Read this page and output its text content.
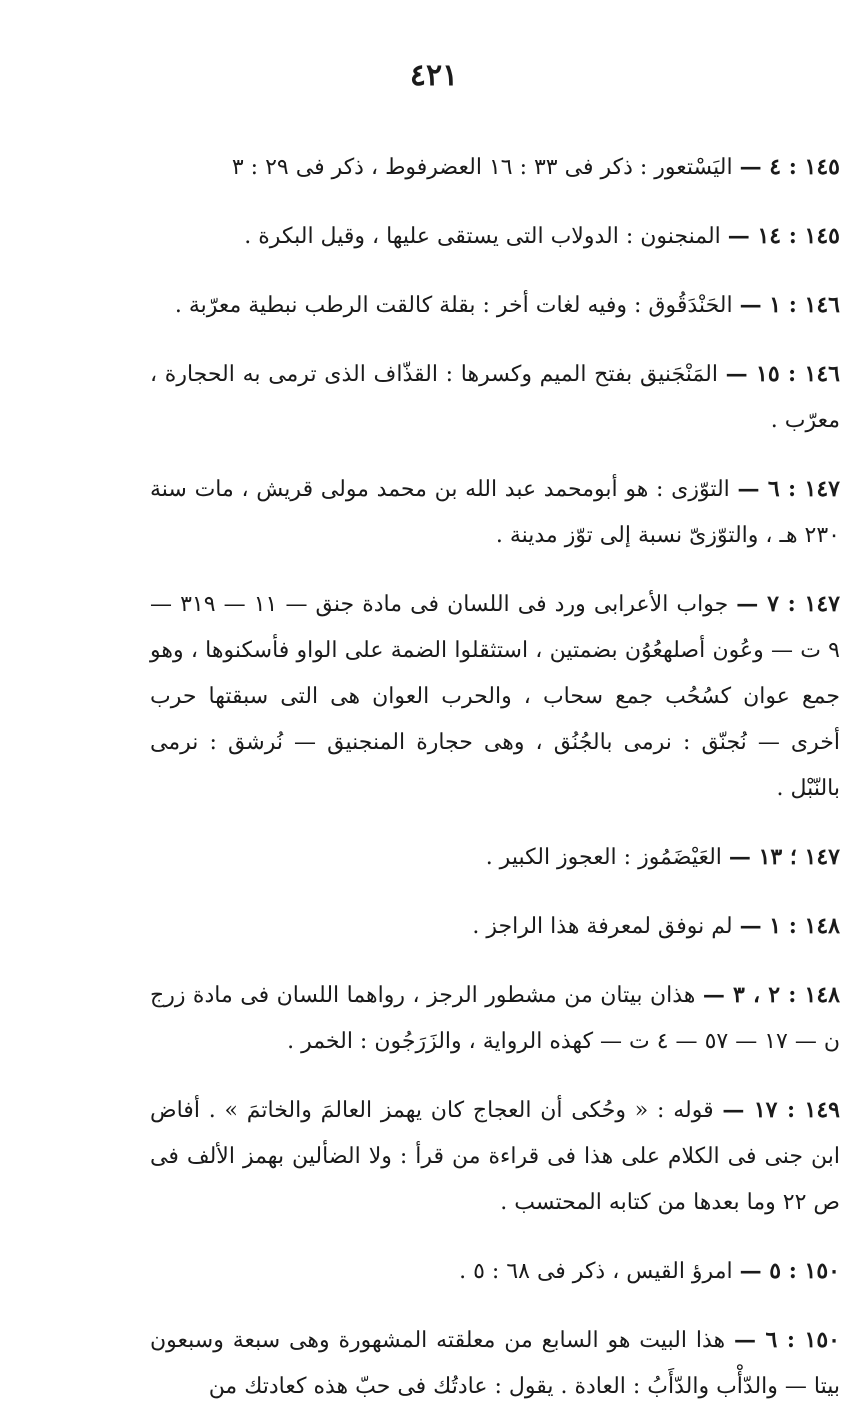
٤٢١

١٤٥ : ٤ — اليَسْتعور : ذكر فى ٣٣ : ١٦ العضرفوط ، ذكر فى ٢٩ : ٣

١٤٥ : ١٤ — المنجنون : الدولاب التى يستقى عليها ، وقيل البكرة .

١٤٦ : ١ — الحَنْدَقُوق : وفيه لغات أخر : بقلة كالقت الرطب نبطية معرّبة .

١٤٦ : ١٥ — المَنْجَنيق بفتح الميم وكسرها : القذّاف الذى ترمى به الحجارة ، معرّب .

١٤٧ : ٦ — التوّزى : هو أبومحمد عبد الله بن محمد مولى قريش ، مات سنة ٢٣٠ هـ ، والتوّزىّ نسبة إلى توّز مدينة .

١٤٧ : ٧ — جواب الأعرابى ورد فى اللسان فى مادة جنق — ١١ — ٣١٩ — ٩ ت — وعُون أصلهعُوُن بضمتين ، استثقلوا الضمة على الواو فأسكنوها ، وهو جمع عوان كسُحُب جمع سحاب ، والحرب العوان هى التى سبقتها حرب أخرى — نُجنّق : نرمى بالجُنُق ، وهى حجارة المنجنيق — نُرشق : نرمى بالنّبْل .

١٤٧ ؛ ١٣ — العَيْضَمُوز : العجوز الكبير .

١٤٨ : ١ — لم نوفق لمعرفة هذا الراجز .

١٤٨ : ٢ ، ٣ — هذان بيتان من مشطور الرجز ، رواهما اللسان فى مادة زرج ن — ١٧ — ٥٧ — ٤ ت — كهذه الرواية ، والزَرَجُون : الخمر .

١٤٩ : ١٧ — قوله : « وحُكى أن العجاج كان يهمز العالمَ والخاتمَ » . أفاض ابن جنى فى الكلام على هذا فى قراءة من قرأ : ولا الضألين بهمز الألف فى ص ٢٢ وما بعدها من كتابه المحتسب .

١٥٠ : ٥ — امرؤ القيس ، ذكر فى ٦٨ : ٥ .

١٥٠ : ٦ — هذا البيت هو السابع من معلقته المشهورة وهى سبعة وسبعون بيتا — والدّأْب والدّأَبُ : العادة . يقول : عادتُك فى حبّ هذه كعادتك من
